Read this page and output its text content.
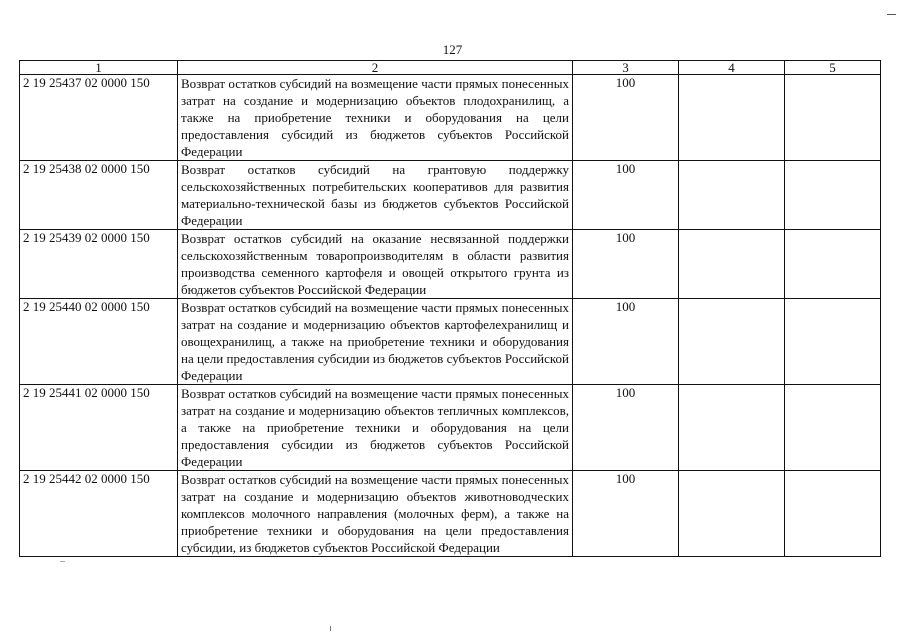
127
1	2	3	4	5
2 19 25437 02 0000 150	Возврат остатков субсидий на возмещение части прямых понесенных затрат на создание и модернизацию объектов плодохранилищ, а также на приобретение техники и оборудования на цели предоставления субсидий из бюджетов субъектов Российской Федерации	100		
2 19 25438 02 0000 150	Возврат остатков субсидий на грантовую поддержку сельскохозяйственных потребительских кооперативов для развития материально-технической базы из бюджетов субъектов Российской Федерации	100		
2 19 25439 02 0000 150	Возврат остатков субсидий на оказание несвязанной поддержки сельскохозяйственным товаропроизводителям в области развития производства семенного картофеля и овощей открытого грунта из бюджетов субъектов Российской Федерации	100		
2 19 25440 02 0000 150	Возврат остатков субсидий на возмещение части прямых понесенных затрат на создание и модернизацию объектов картофелехранилищ и овощехранилищ, а также на приобретение техники и оборудования на цели предоставления субсидии из бюджетов субъектов Российской Федерации	100		
2 19 25441 02 0000 150	Возврат остатков субсидий на возмещение части прямых понесенных затрат на создание и модернизацию объектов тепличных комплексов, а также на приобретение техники и оборудования на цели предоставления субсидии из бюджетов субъектов Российской Федерации	100		
2 19 25442 02 0000 150	Возврат остатков субсидий на возмещение части прямых понесенных затрат на создание и модернизацию объектов животноводческих комплексов молочного направления (молочных ферм), а также на приобретение техники и оборудования на цели предоставления субсидии, из бюджетов субъектов Российской Федерации	100		
